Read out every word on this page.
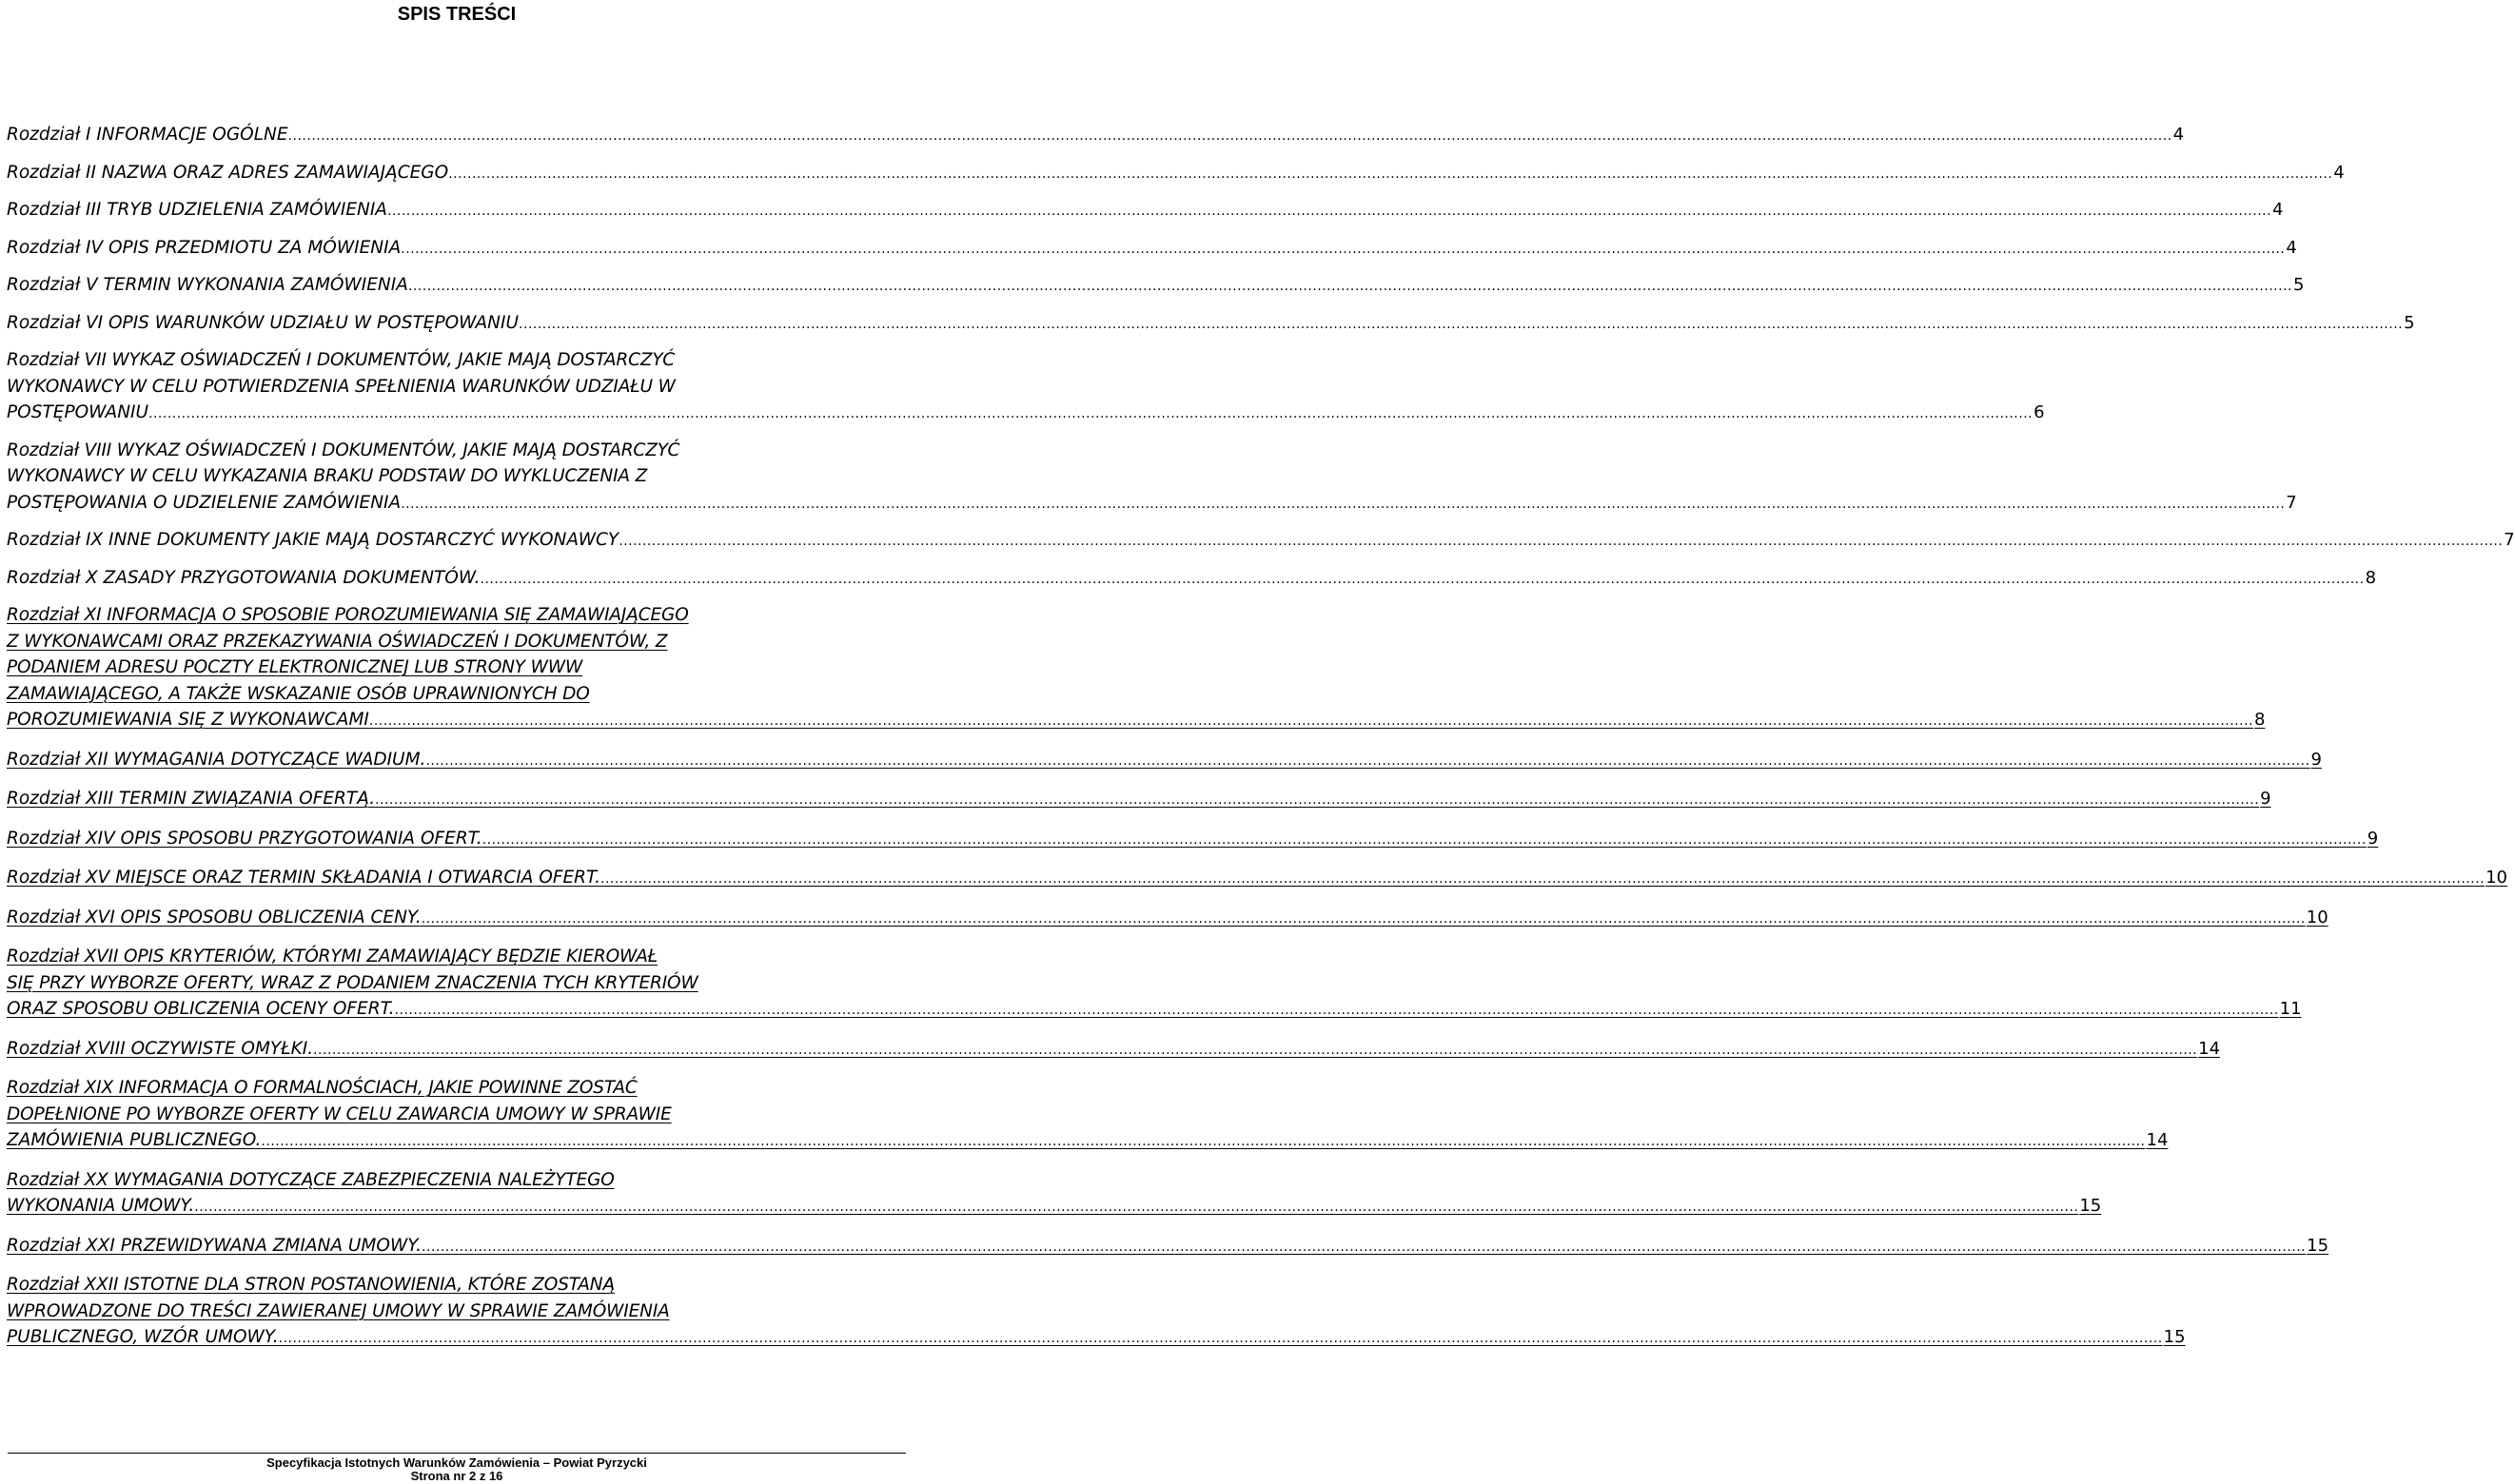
SPIS TREŚCI
Rozdział I INFORMACJE OGÓLNE ................................................................................................................................................................................................................................................................................................................................................................................................................ 4
Rozdział II NAZWA ORAZ ADRES ZAMAWIAJĄCEGO ................................................................................................................................................................................................................................................................................................................................................................................................................ 4
Rozdział III TRYB UDZIELENIA ZAMÓWIENIA ................................................................................................................................................................................................................................................................................................................................................................................................................ 4
Rozdział IV OPIS PRZEDMIOTU ZA MÓWIENIA ................................................................................................................................................................................................................................................................................................................................................................................................................ 4
Rozdział V TERMIN WYKONANIA ZAMÓWIENIA ................................................................................................................................................................................................................................................................................................................................................................................................................ 5
Rozdział VI OPIS WARUNKÓW UDZIAŁU W POSTĘPOWANIU ................................................................................................................................................................................................................................................................................................................................................................................................................ 5
Rozdział VII WYKAZ OŚWIADCZEŃ I DOKUMENTÓW, JAKIE MAJĄ DOSTARCZYĆ
WYKONAWCY W CELU POTWIERDZENIA SPEŁNIENIA WARUNKÓW UDZIAŁU W
POSTĘPOWANIU ................................................................................................................................................................................................................................................................................................................................................................................................................ 6
Rozdział VIII WYKAZ OŚWIADCZEŃ I DOKUMENTÓW, JAKIE MAJĄ DOSTARCZYĆ
WYKONAWCY W CELU WYKAZANIA BRAKU PODSTAW DO WYKLUCZENIA Z
POSTĘPOWANIA O UDZIELENIE ZAMÓWIENIA ................................................................................................................................................................................................................................................................................................................................................................................................................ 7
Rozdział IX INNE DOKUMENTY JAKIE MAJĄ DOSTARCZYĆ WYKONAWCY ................................................................................................................................................................................................................................................................................................................................................................................................................ 7
Rozdział X ZASADY PRZYGOTOWANIA DOKUMENTÓW. ................................................................................................................................................................................................................................................................................................................................................................................................................ 8
Rozdział XI INFORMACJA O SPOSOBIE POROZUMIEWANIA SIĘ ZAMAWIAJĄCEGO
Z WYKONAWCAMI ORAZ PRZEKAZYWANIA OŚWIADCZEŃ I DOKUMENTÓW, Z
PODANIEM ADRESU POCZTY ELEKTRONICZNEJ LUB STRONY WWW
ZAMAWIAJĄCEGO, A TAKŻE WSKAZANIE OSÓB UPRAWNIONYCH DO
POROZUMIEWANIA SIĘ Z WYKONAWCAMI ................................................................................................................................................................................................................................................................................................................................................................................................................ 8
Rozdział XII WYMAGANIA DOTYCZĄCE WADIUM. ................................................................................................................................................................................................................................................................................................................................................................................................................ 9
Rozdział XIII TERMIN ZWIĄZANIA OFERTĄ. ................................................................................................................................................................................................................................................................................................................................................................................................................ 9
Rozdział XIV OPIS SPOSOBU PRZYGOTOWANIA OFERT. ................................................................................................................................................................................................................................................................................................................................................................................................................ 9
Rozdział XV MIEJSCE ORAZ TERMIN SKŁADANIA I OTWARCIA OFERT. ................................................................................................................................................................................................................................................................................................................................................................................................................ 10
Rozdział XVI OPIS SPOSOBU OBLICZENIA CENY. ................................................................................................................................................................................................................................................................................................................................................................................................................ 10
Rozdział XVII OPIS KRYTERIÓW, KTÓRYMI ZAMAWIAJĄCY BĘDZIE KIEROWAŁ
SIĘ PRZY WYBORZE OFERTY, WRAZ Z PODANIEM ZNACZENIA TYCH KRYTERIÓW
ORAZ SPOSOBU OBLICZENIA OCENY OFERT. ................................................................................................................................................................................................................................................................................................................................................................................................................ 11
Rozdział XVIII OCZYWISTE OMYŁKI. ................................................................................................................................................................................................................................................................................................................................................................................................................ 14
Rozdział XIX INFORMACJA O FORMALNOŚCIACH, JAKIE POWINNE ZOSTAĆ
DOPEŁNIONE PO WYBORZE OFERTY W CELU ZAWARCIA UMOWY W SPRAWIE
ZAMÓWIENIA PUBLICZNEGO. ................................................................................................................................................................................................................................................................................................................................................................................................................ 14
Rozdział XX WYMAGANIA DOTYCZĄCE ZABEZPIECZENIA NALEŻYTEGO
WYKONANIA UMOWY. ................................................................................................................................................................................................................................................................................................................................................................................................................ 15
Rozdział XXI PRZEWIDYWANA ZMIANA UMOWY. ................................................................................................................................................................................................................................................................................................................................................................................................................ 15
Rozdział XXII ISTOTNE DLA STRON POSTANOWIENIA, KTÓRE ZOSTANĄ
WPROWADZONE DO TREŚCI ZAWIERANEJ UMOWY W SPRAWIE ZAMÓWIENIA
PUBLICZNEGO, WZÓR UMOWY. ................................................................................................................................................................................................................................................................................................................................................................................................................ 15
Specyfikacja Istotnych Warunków Zamówienia – Powiat Pyrzycki
Strona nr 2 z 16
